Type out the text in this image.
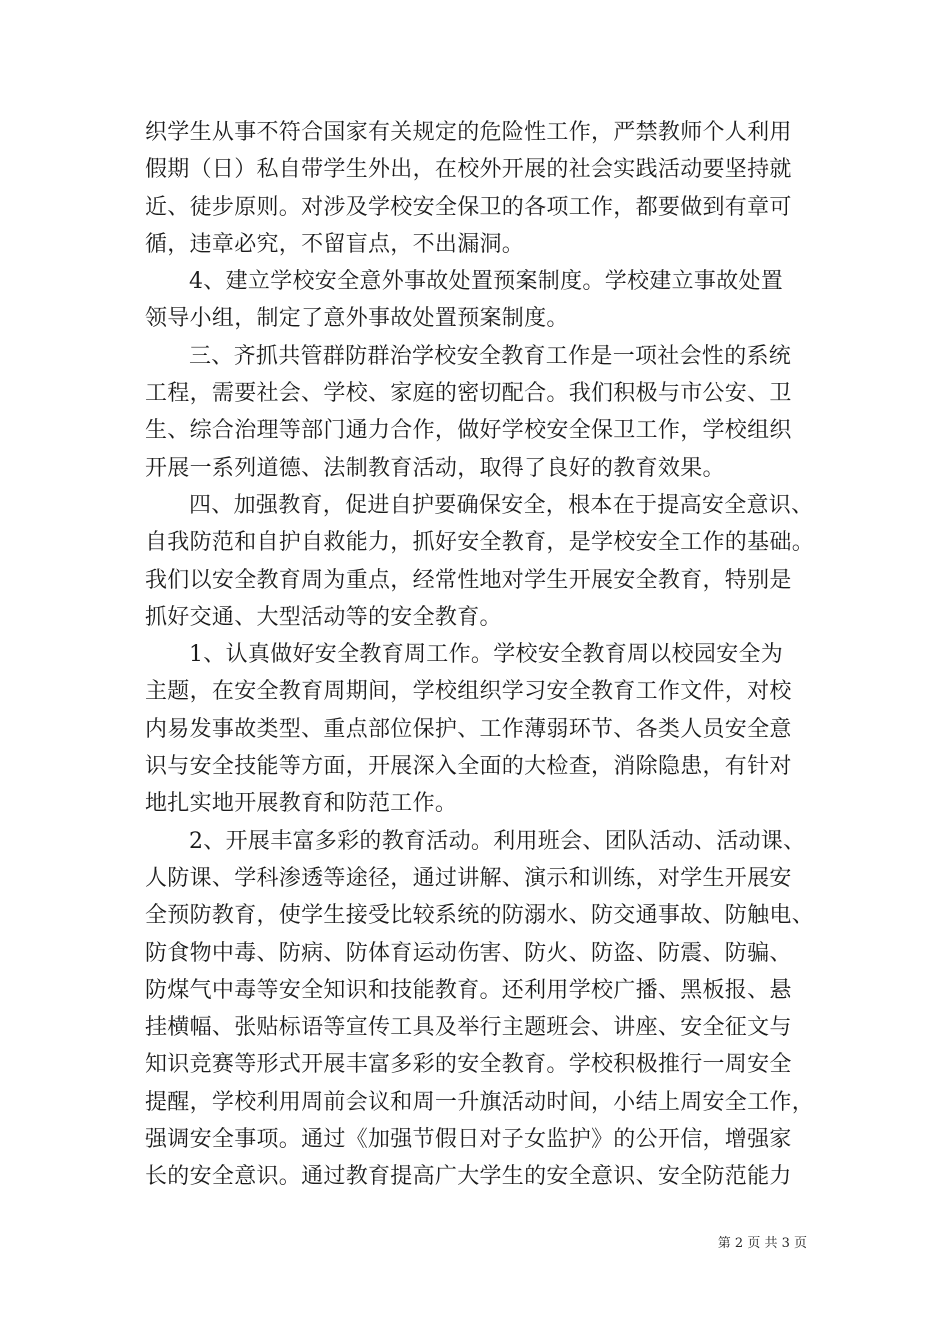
织学生从事不符合国家有关规定的危险性工作，严禁教师个人利用
假期（日）私自带学生外出，在校外开展的社会实践活动要坚持就
近、徒步原则。对涉及学校安全保卫的各项工作，都要做到有章可
循，违章必究，不留盲点，不出漏洞。
4、建立学校安全意外事故处置预案制度。学校建立事故处置
领导小组，制定了意外事故处置预案制度。
三、齐抓共管群防群治学校安全教育工作是一项社会性的系统
工程，需要社会、学校、家庭的密切配合。我们积极与市公安、卫
生、综合治理等部门通力合作，做好学校安全保卫工作，学校组织
开展一系列道德、法制教育活动，取得了良好的教育效果。
四、加强教育，促进自护要确保安全，根本在于提高安全意识、
自我防范和自护自救能力，抓好安全教育，是学校安全工作的基础。
我们以安全教育周为重点，经常性地对学生开展安全教育，特别是
抓好交通、大型活动等的安全教育。
1、认真做好安全教育周工作。学校安全教育周以校园安全为
主题，在安全教育周期间，学校组织学习安全教育工作文件，对校
内易发事故类型、重点部位保护、工作薄弱环节、各类人员安全意
识与安全技能等方面，开展深入全面的大检查，消除隐患，有针对
地扎实地开展教育和防范工作。
2、开展丰富多彩的教育活动。利用班会、团队活动、活动课、
人防课、学科渗透等途径，通过讲解、演示和训练，对学生开展安
全预防教育，使学生接受比较系统的防溺水、防交通事故、防触电、
防食物中毒、防病、防体育运动伤害、防火、防盗、防震、防骗、
防煤气中毒等安全知识和技能教育。还利用学校广播、黑板报、悬
挂横幅、张贴标语等宣传工具及举行主题班会、讲座、安全征文与
知识竞赛等形式开展丰富多彩的安全教育。学校积极推行一周安全
提醒，学校利用周前会议和周一升旗活动时间，小结上周安全工作，
强调安全事项。通过《加强节假日对子女监护》的公开信，增强家
长的安全意识。通过教育提高广大学生的安全意识、安全防范能力
第 2 页 共 3 页
